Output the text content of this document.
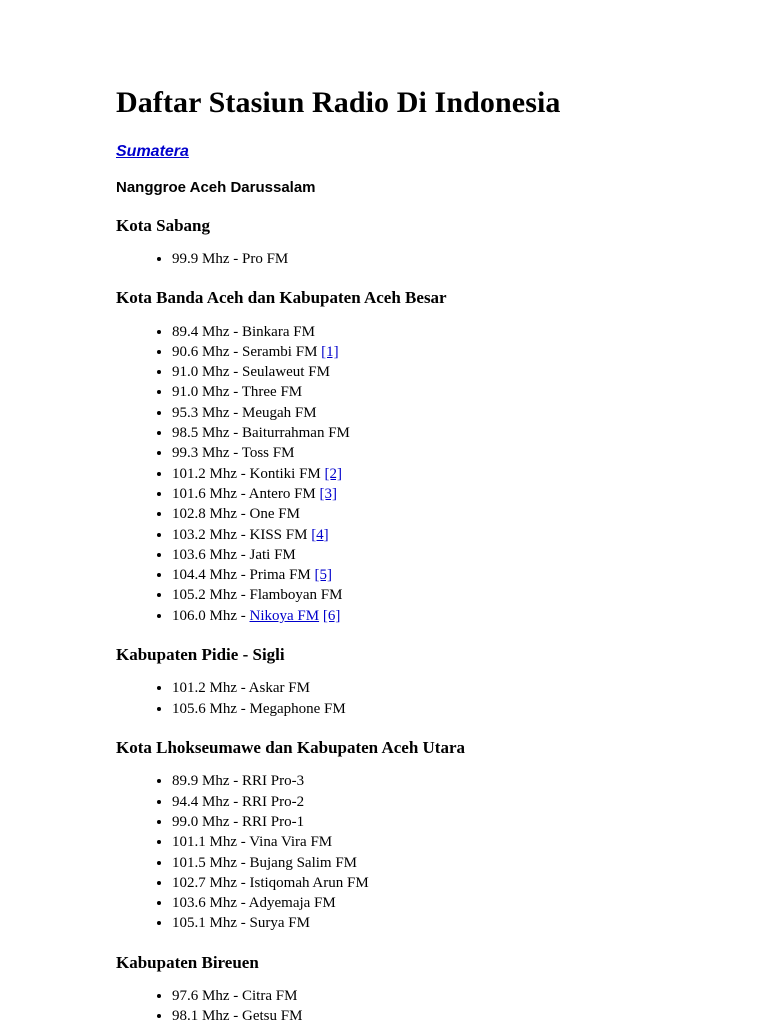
Daftar Stasiun Radio Di Indonesia
Sumatera

Nanggroe Aceh Darussalam

Kota Sabang
• 99.9 Mhz - Pro FM
Kota Banda Aceh dan Kabupaten Aceh Besar
• 89.4 Mhz - Binkara FM
• 90.6 Mhz - Serambi FM [1]
• 91.0 Mhz - Seulaweut FM
• 91.0 Mhz - Three FM
• 95.3 Mhz - Meugah FM
• 98.5 Mhz - Baiturrahman FM
• 99.3 Mhz - Toss FM
• 101.2 Mhz - Kontiki FM [2]
• 101.6 Mhz - Antero FM [3]
• 102.8 Mhz - One FM
• 103.2 Mhz - KISS FM [4]
• 103.6 Mhz - Jati FM
• 104.4 Mhz - Prima FM [5]
• 105.2 Mhz - Flamboyan FM
• 106.0 Mhz - Nikoya FM [6]
Kabupaten Pidie - Sigli
• 101.2 Mhz - Askar FM
• 105.6 Mhz - Megaphone FM
Kota Lhokseumawe dan Kabupaten Aceh Utara
• 89.9 Mhz - RRI Pro-3
• 94.4 Mhz - RRI Pro-2
• 99.0 Mhz - RRI Pro-1
• 101.1 Mhz - Vina Vira FM
• 101.5 Mhz - Bujang Salim FM
• 102.7 Mhz - Istiqomah Arun FM
• 103.6 Mhz - Adyemaja FM
• 105.1 Mhz - Surya FM
Kabupaten Bireuen
• 97.6 Mhz - Citra FM
• 98.1 Mhz - Getsu FM
